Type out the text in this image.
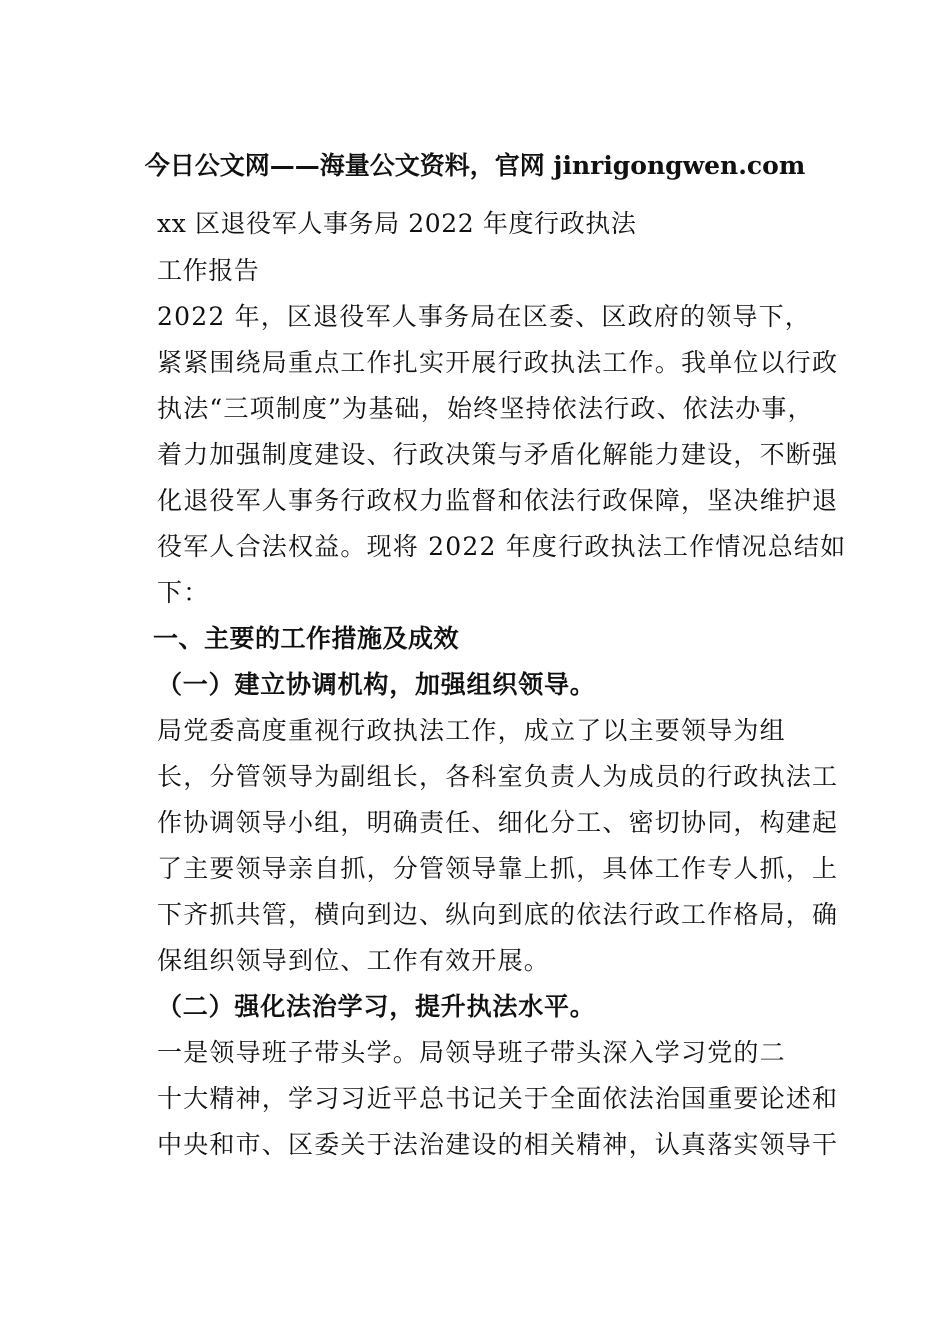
今日公文网——海量公文资料，官网 jinrigongwen.com
xx 区退役军人事务局 2022 年度行政执法
工作报告
2022 年，区退役军人事务局在区委、区政府的领导下，
紧紧围绕局重点工作扎实开展行政执法工作。我单位以行政
执法“三项制度”为基础，始终坚持依法行政、依法办事，
着力加强制度建设、行政决策与矛盾化解能力建设，不断强
化退役军人事务行政权力监督和依法行政保障，坚决维护退
役军人合法权益。现将 2022 年度行政执法工作情况总结如
下：
一、主要的工作措施及成效
（一）建立协调机构，加强组织领导。
局党委高度重视行政执法工作，成立了以主要领导为组
长，分管领导为副组长，各科室负责人为成员的行政执法工
作协调领导小组，明确责任、细化分工、密切协同，构建起
了主要领导亲自抓，分管领导靠上抓，具体工作专人抓，上
下齐抓共管，横向到边、纵向到底的依法行政工作格局，确
保组织领导到位、工作有效开展。
（二）强化法治学习，提升执法水平。
一是领导班子带头学。局领导班子带头深入学习党的二
十大精神，学习习近平总书记关于全面依法治国重要论述和
中央和市、区委关于法治建设的相关精神，认真落实领导干
